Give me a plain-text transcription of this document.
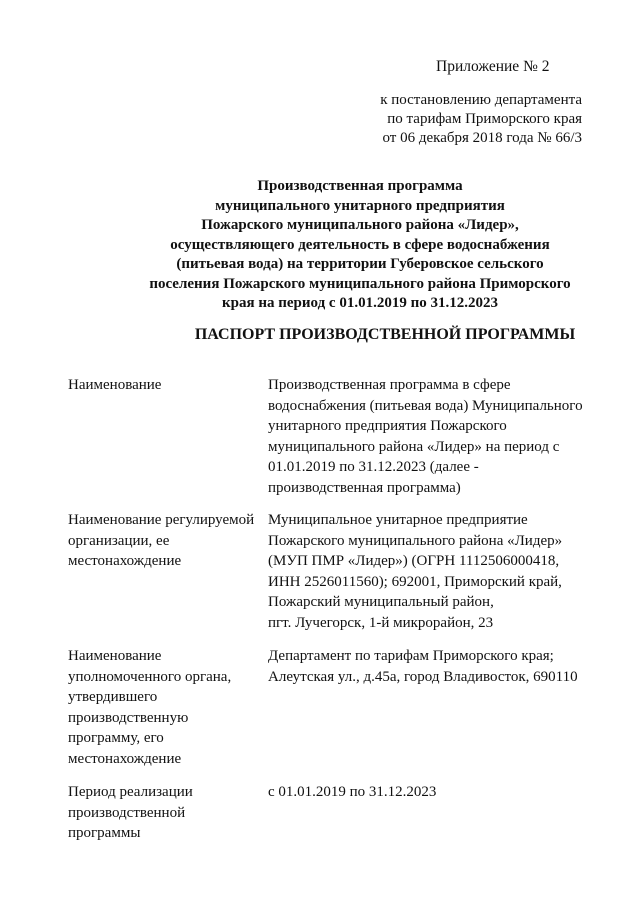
Приложение № 2
к постановлению департамента
по тарифам Приморского края
от 06 декабря 2018 года № 66/3
Производственная программа
муниципального унитарного предприятия
Пожарского муниципального района «Лидер»,
осуществляющего деятельность в сфере водоснабжения
(питьевая вода) на территории Губеровское сельского
поселения Пожарского муниципального района Приморского
края на период с 01.01.2019 по 31.12.2023
ПАСПОРТ ПРОИЗВОДСТВЕННОЙ ПРОГРАММЫ
Наименование	Производственная программа в сфере
водоснабжения (питьевая вода) Муниципального
унитарного предприятия Пожарского
муниципального района «Лидер» на период с
01.01.2019 по 31.12.2023 (далее -
производственная программа)
Наименование регулируемой
организации, ее
местонахождение
Муниципальное унитарное предприятие
Пожарского муниципального района «Лидер»
(МУП ПМР «Лидер») (ОГРН 1112506000418,
ИНН 2526011560); 692001, Приморский край,
Пожарский муниципальный район,
пгт. Лучегорск, 1-й микрорайон, 23
Наименование
уполномоченного органа,
утвердившего
производственную
программу, его
местонахождение
Департамент по тарифам Приморского края;
Алеутская ул., д.45а, город Владивосток, 690110
Период реализации
производственной
программы
с 01.01.2019 по 31.12.2023
